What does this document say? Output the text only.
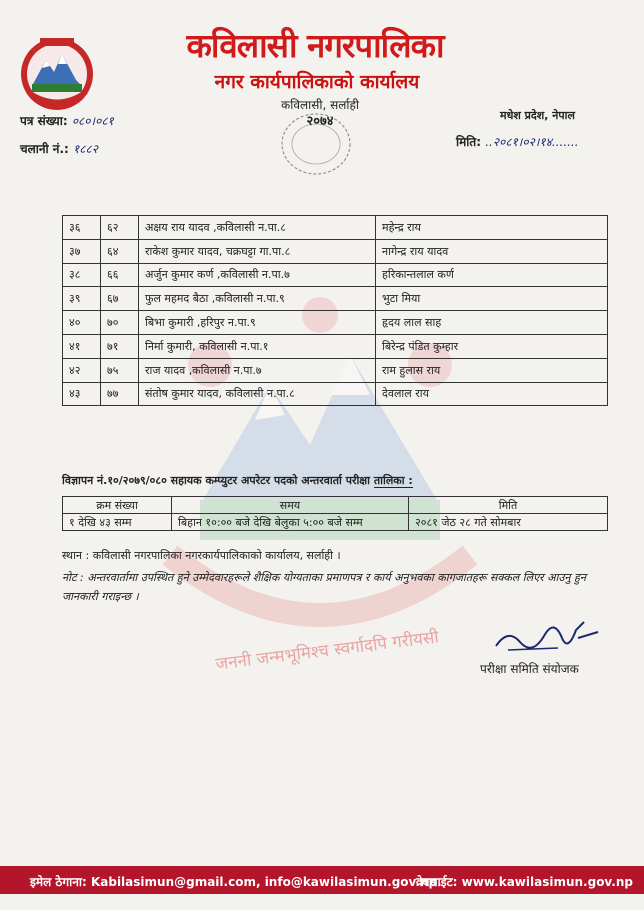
कविलासी नगरपालिका
नगर कार्यपालिकाको कार्यालय
कविलासी, सर्लाही
२०७४
पत्र संख्या: ०८०।०८१
चलानी नं.: १८८२
मधेश प्रदेश, नेपाल
मिति: ..२०८१।०२।१४.......
जननी जन्मभूमिश्च स्वर्गादपि गरीयसी
३६	६२	अक्षय राय यादव ,कविलासी न.पा.८	महेन्द्र राय
३७	६४	राकेश कुमार यादव, चक्रघट्टा गा.पा.८	नागेन्द्र राय यादव
३८	६६	अर्जुन कुमार कर्ण ,कविलासी न.पा.७	हरिकान्तलाल कर्ण
३९	६७	फुल महमद बैठा ,कविलासी न.पा.९	भुटा मिया
४०	७०	बिभा कुमारी ,हरिपुर न.पा.९	हृदय लाल साह
४१	७१	निर्मा कुमारी, कविलासी न.पा.१	बिरेन्द्र पंडित कुम्हार
४२	७५	राज यादव ,कविलासी न.पा.७	राम हुलास राय
४३	७७	संतोष कुमार यादव, कविलासी न.पा.८	देवलाल राय
विज्ञापन नं.१०/२०७९/०८० सहायक कम्प्युटर अपरेटर पदको अन्तरवार्ता परीक्षा तालिका :
क्रम संख्या	समय	मिति
१ देखि ४३ सम्म	बिहान १०:०० बजे देखि बेलुका ५:०० बजे सम्म	२०८१ जेठ २८ गते सोमबार
स्थान : कविलासी नगरपालिका नगरकार्यपालिकाको कार्यालय, सर्लाही ।
नोट : अन्तरवार्तामा उपस्थित हुने उम्मेदवारहरूले शैक्षिक योग्यताका प्रमाणपत्र र कार्य अनुभवका कागजातहरू सक्कल लिएर आउनु हुन जानकारी गराइन्छ ।
परीक्षा समिति संयोजक
इमेल ठेगाना: Kabilasimun@gmail.com, info@kawilasimun.gov.np.
वेबसाईट: www.kawilasimun.gov.np
